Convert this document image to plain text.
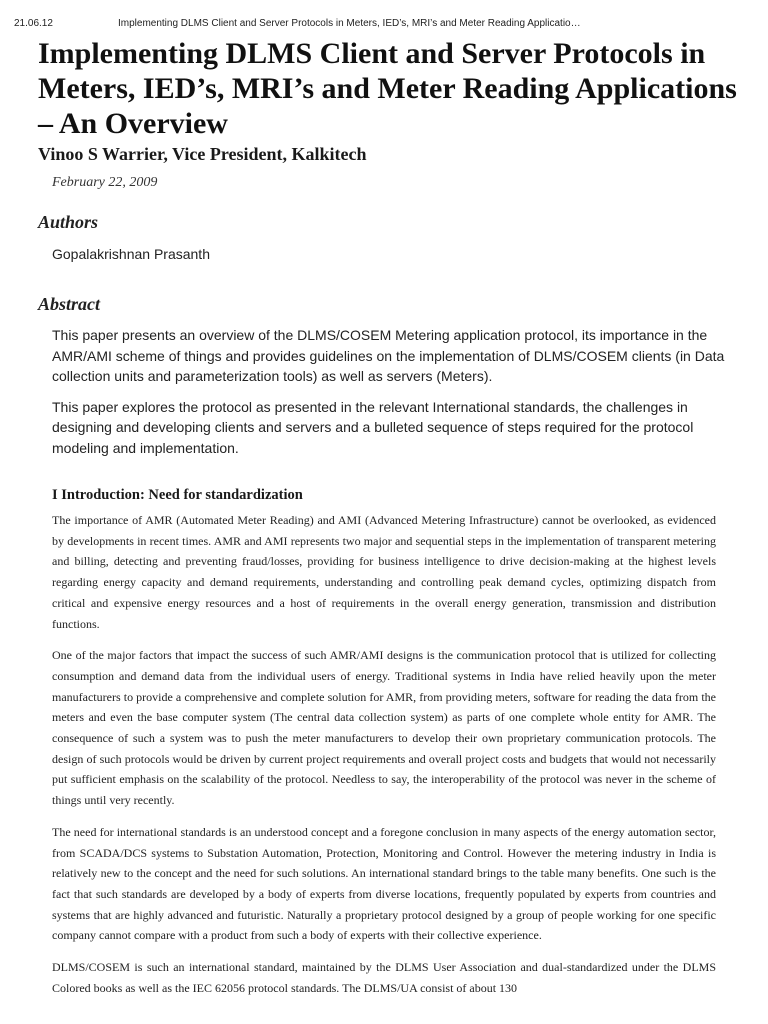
21.06.12	Implementing DLMS Client and Server Protocols in Meters, IED’s, MRI’s and Meter Reading Applicatio…
Implementing DLMS Client and Server Protocols in Meters, IED’s, MRI’s and Meter Reading Applications – An Overview
Vinoo S Warrier, Vice President, Kalkitech
February 22, 2009
Authors
Gopalakrishnan Prasanth
Abstract

This paper presents an overview of the DLMS/COSEM Metering application protocol, its importance in the AMR/AMI scheme of things and provides guidelines on the implementation of DLMS/COSEM clients (in Data collection units and parameterization tools) as well as servers (Meters).

This paper explores the protocol as presented in the relevant International standards, the challenges in designing and developing clients and servers and a bulleted sequence of steps required for the protocol modeling and implementation.

I Introduction: Need for standardization

The importance of AMR (Automated Meter Reading) and AMI (Advanced Metering Infrastructure) cannot be overlooked, as evidenced by developments in recent times. AMR and AMI represents two major and sequential steps in the implementation of transparent metering and billing, detecting and preventing fraud/losses, providing for business intelligence to drive decision-making at the highest levels regarding energy capacity and demand requirements, understanding and controlling peak demand cycles, optimizing dispatch from critical and expensive energy resources and a host of requirements in the overall energy generation, transmission and distribution functions.

One of the major factors that impact the success of such AMR/AMI designs is the communication protocol that is utilized for collecting consumption and demand data from the individual users of energy. Traditional systems in India have relied heavily upon the meter manufacturers to provide a comprehensive and complete solution for AMR, from providing meters, software for reading the data from the meters and even the base computer system (The central data collection system) as parts of one complete whole entity for AMR. The consequence of such a system was to push the meter manufacturers to develop their own proprietary communication protocols. The design of such protocols would be driven by current project requirements and overall project costs and budgets that would not necessarily put sufficient emphasis on the scalability of the protocol. Needless to say, the interoperability of the protocol was never in the scheme of things until very recently.

The need for international standards is an understood concept and a foregone conclusion in many aspects of the energy automation sector, from SCADA/DCS systems to Substation Automation, Protection, Monitoring and Control. However the metering industry in India is relatively new to the concept and the need for such solutions. An international standard brings to the table many benefits. One such is the fact that such standards are developed by a body of experts from diverse locations, frequently populated by experts from countries and systems that are highly advanced and futuristic. Naturally a proprietary protocol designed by a group of people working for one specific company cannot compare with a product from such a body of experts with their collective experience.

DLMS/COSEM is such an international standard, maintained by the DLMS User Association and dual-standardized under the DLMS Colored books as well as the IEC 62056 protocol standards. The DLMS/UA consist of about 130
